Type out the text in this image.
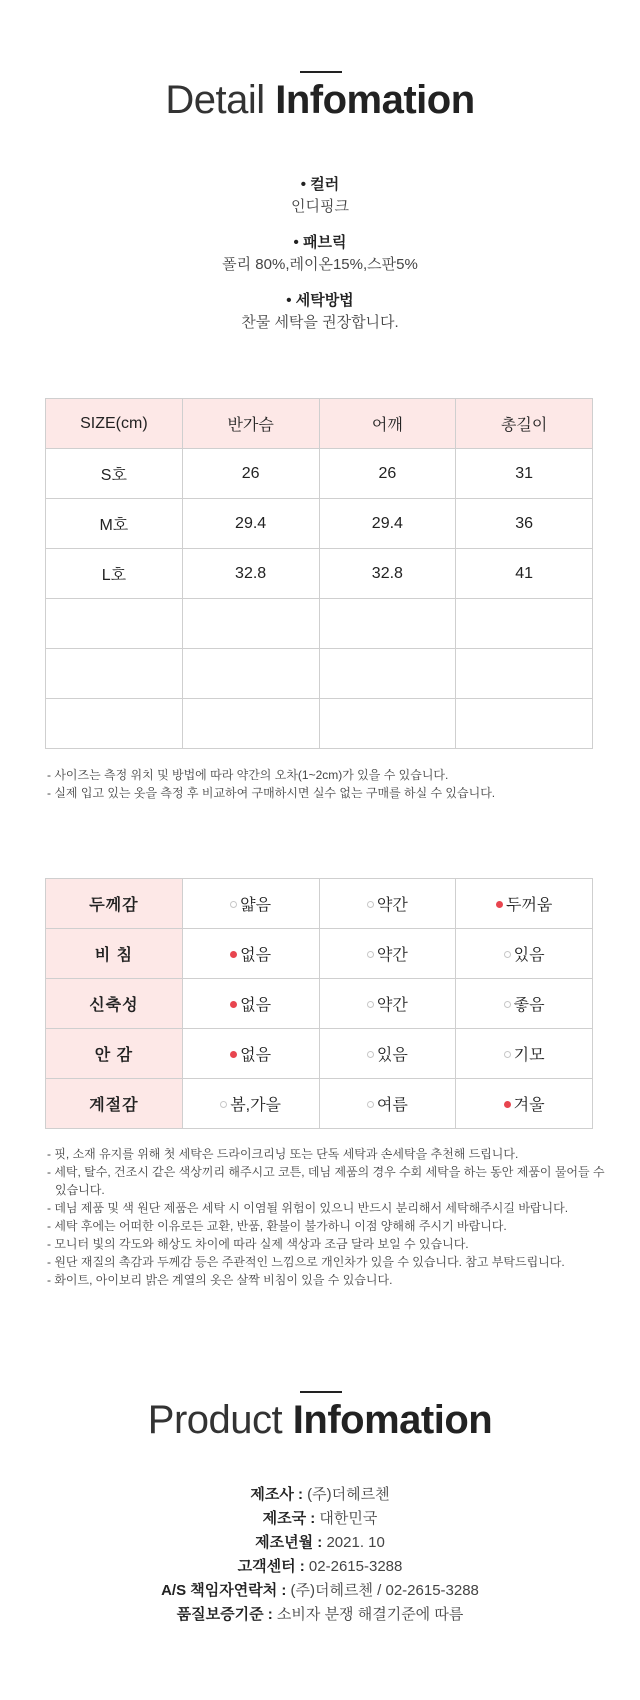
Detail Infomation
• 컬러
인디핑크
• 패브릭
폴리 80%,레이온15%,스판5%
• 세탁방법
찬물 세탁을 권장합니다.
SIZE(cm)	반가슴	어깨	총길이
S호	26	26	31
M호	29.4	29.4	36
L호	32.8	32.8	41

- 사이즈는 측정 위치 및 방법에 따라 약간의 오차(1~2cm)가 있을 수 있습니다.

- 실제 입고 있는 옷을 측정 후 비교하여 구매하시면 실수 없는 구매를 하실 수 있습니다.

두께감	얇음	약간	두꺼움
비 침	없음	약간	있음
신축성	없음	약간	좋음
안 감	없음	있음	기모
계절감	봄,가을	여름	겨울

- 핏, 소재 유지를 위해 첫 세탁은 드라이크리닝 또는 단독 세탁과 손세탁을 추천해 드립니다.

- 세탁, 탈수, 건조시 같은 색상끼리 해주시고 코튼, 데님 제품의 경우 수회 세탁을 하는 동안 제품이 물어들 수 있습니다.

- 데님 제품 및 색 원단 제품은 세탁 시 이염될 위험이 있으니 반드시 분리해서 세탁해주시길 바랍니다.

- 세탁 후에는 어떠한 이유로든 교환, 반품, 환불이 불가하니 이점 양해해 주시기 바랍니다.

- 모니터 빛의 각도와 해상도 차이에 따라 실제 색상과 조금 달라 보일 수 있습니다.

- 원단 재질의 촉감과 두께감 등은 주관적인 느낌으로 개인차가 있을 수 있습니다. 참고 부탁드립니다.

- 화이트, 아이보리 밝은 계열의 옷은 살짝 비침이 있을 수 있습니다.

Product Infomation
제조사 : (주)더헤르첸
제조국 : 대한민국
제조년월 : 2021. 10
고객센터 : 02-2615-3288
A/S 책임자연락처 : (주)더헤르첸 / 02-2615-3288
품질보증기준 : 소비자 분쟁 해결기준에 따름
